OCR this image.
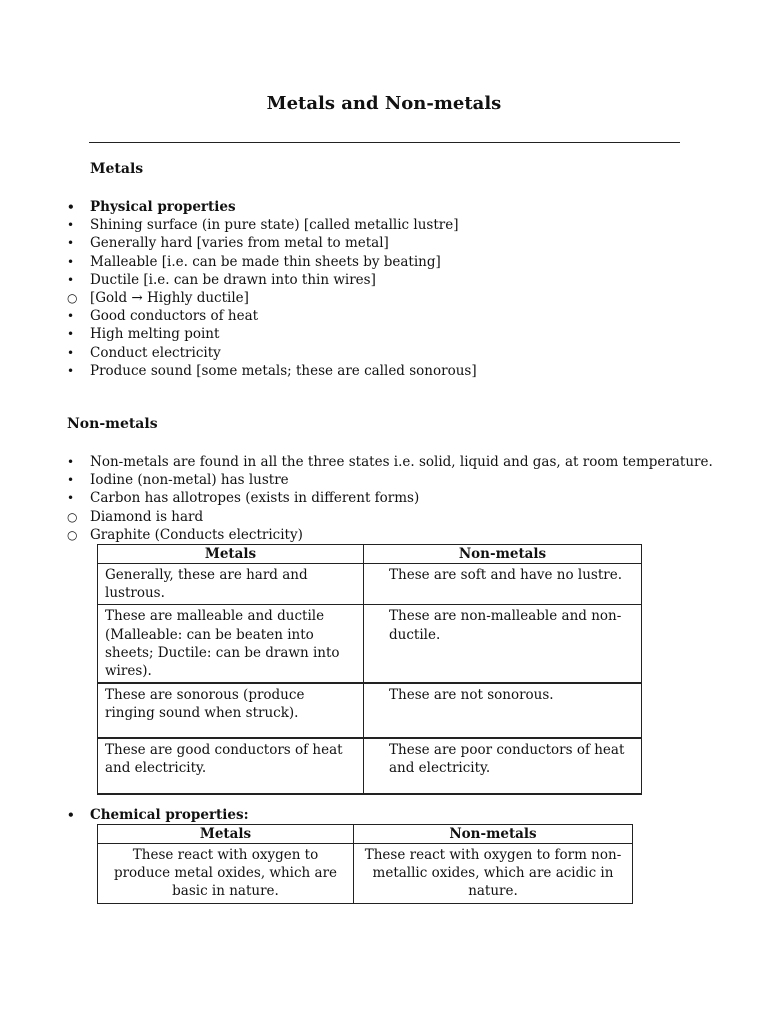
Metals and Non-metals
Metals
•	Physical properties
•	Shining surface (in pure state) [called metallic lustre]
•	Generally hard [varies from metal to metal]
•	Malleable [i.e. can be made thin sheets by beating]
•	Ductile [i.e. can be drawn into thin wires]
○ [Gold → Highly ductile]
•	Good conductors of heat
•	High melting point
•	Conduct electricity
•	Produce sound [some metals; these are called sonorous]
Non-metals
•	Non-metals are found in all the three states i.e. solid, liquid and gas, at room temperature.
•	Iodine (non-metal) has lustre
•	Carbon has allotropes (exists in different forms)
○ Diamond is hard
○ Graphite (Conducts electricity)
Metals	Non-metals
Generally, these are hard and lustrous.	These are soft and have no lustre.
These are malleable and ductile (Malleable: can be beaten into sheets; Ductile: can be drawn into wires).	These are non-malleable and non-ductile.
These are sonorous (produce ringing sound when struck).	These are not sonorous.
These are good conductors of heat and electricity.	These are poor conductors of heat and electricity.
•	Chemical properties:
Metals	Non-metals
These react with oxygen to produce metal oxides, which are basic in nature.	These react with oxygen to form non-metallic oxides, which are acidic in nature.
